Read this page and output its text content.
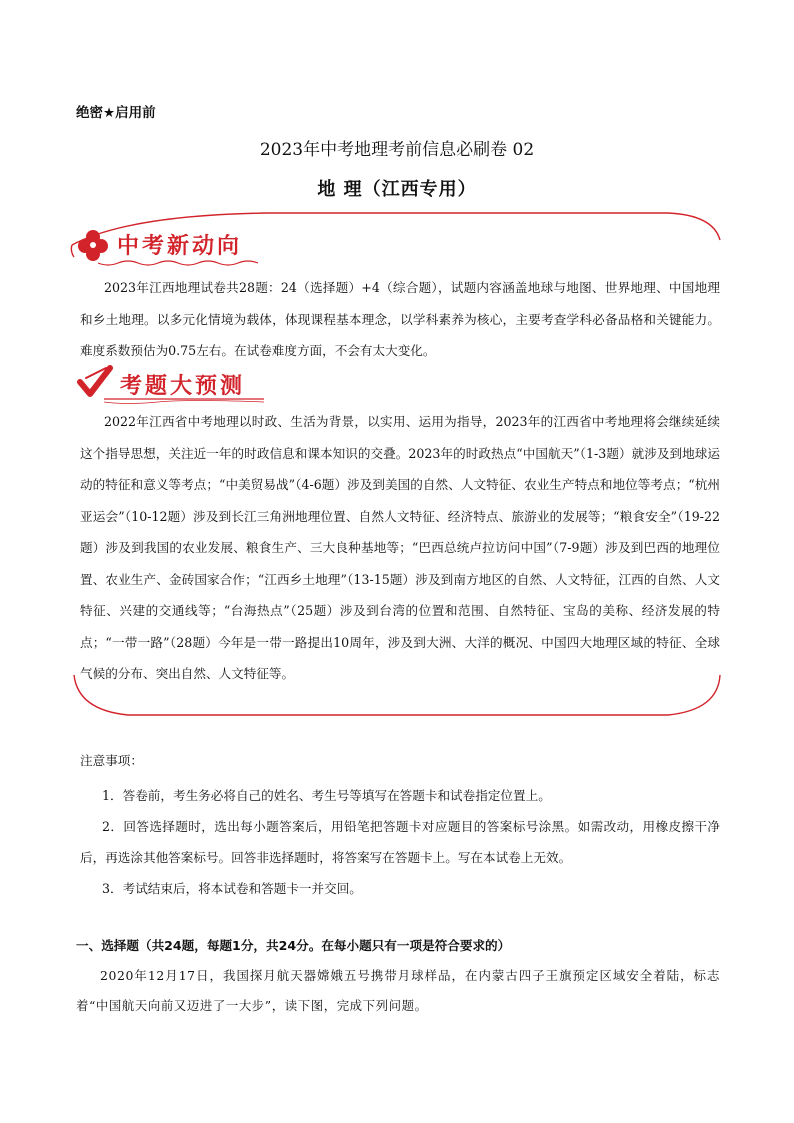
绝密★启用前
2023年中考地理考前信息必刷卷 02
地 理（江西专用）
中考新动向
2023年江西地理试卷共28题：24（选择题）+4（综合题），试题内容涵盖地球与地图、世界地理、中国地理和乡土地理。以多元化情境为载体，体现课程基本理念，以学科素养为核心，主要考查学科必备品格和关键能力。难度系数预估为0.75左右。在试卷难度方面，不会有太大变化。
考题大预测
2022年江西省中考地理以时政、生活为背景，以实用、运用为指导，2023年的江西省中考地理将会继续延续这个指导思想，关注近一年的时政信息和课本知识的交叠。2023年的时政热点“中国航天”（1-3题）就涉及到地球运动的特征和意义等考点；“中美贸易战”（4-6题）涉及到美国的自然、人文特征、农业生产特点和地位等考点；“杭州亚运会”（10-12题）涉及到长江三角洲地理位置、自然人文特征、经济特点、旅游业的发展等；“粮食安全”（19-22题）涉及到我国的农业发展、粮食生产、三大良种基地等；“巴西总统卢拉访问中国”（7-9题）涉及到巴西的地理位置、农业生产、金砖国家合作；“江西乡土地理”（13-15题）涉及到南方地区的自然、人文特征，江西的自然、人文特征、兴建的交通线等；“台海热点”（25题）涉及到台湾的位置和范围、自然特征、宝岛的美称、经济发展的特点；“一带一路”（28题）今年是一带一路提出10周年，涉及到大洲、大洋的概况、中国四大地理区域的特征、全球气候的分布、突出自然、人文特征等。
注意事项：
1．答卷前，考生务必将自己的姓名、考生号等填写在答题卡和试卷指定位置上。
2．回答选择题时，选出每小题答案后，用铅笔把答题卡对应题目的答案标号涂黑。如需改动，用橡皮擦干净后，再选涂其他答案标号。回答非选择题时，将答案写在答题卡上。写在本试卷上无效。
3．考试结束后，将本试卷和答题卡一并交回。
一、选择题（共24题，每题1分，共24分。在每小题只有一项是符合要求的）
2020年12月17日，我国探月航天器嫦娥五号携带月球样品，在内蒙古四子王旗预定区域安全着陆，标志着“中国航天向前又迈进了一大步”，读下图，完成下列问题。
